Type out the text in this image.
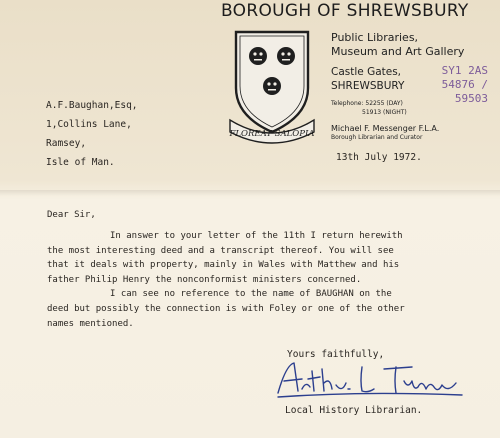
BOROUGH OF SHREWSBURY
FLOREAT SALOPIA
Public Libraries,
Museum and Art Gallery
Castle Gates,
SHREWSBURY
Telephone: 52255 (DAY)
51913 (NIGHT)
Michael F. Messenger F.L.A.
Borough Librarian and Curator
SY1 2AS
54876 /
59503
A.F.Baughan,Esq,
1,Collins Lane,
Ramsey,
Isle of Man.	13th July 1972.
Dear Sir,

In answer to your letter of the 11th I return herewith

the most interesting deed and a transcript thereof. You will see
that it deals with property, mainly in Wales with Matthew and his
father Philip Henry the nonconformist ministers concerned.

I can see no reference to the name of BAUGHAN on the

deed but possibly the connection is with Foley or one of the other
names mentioned.
Yours faithfully,
Arthur L. Thomas
Local History Librarian.
